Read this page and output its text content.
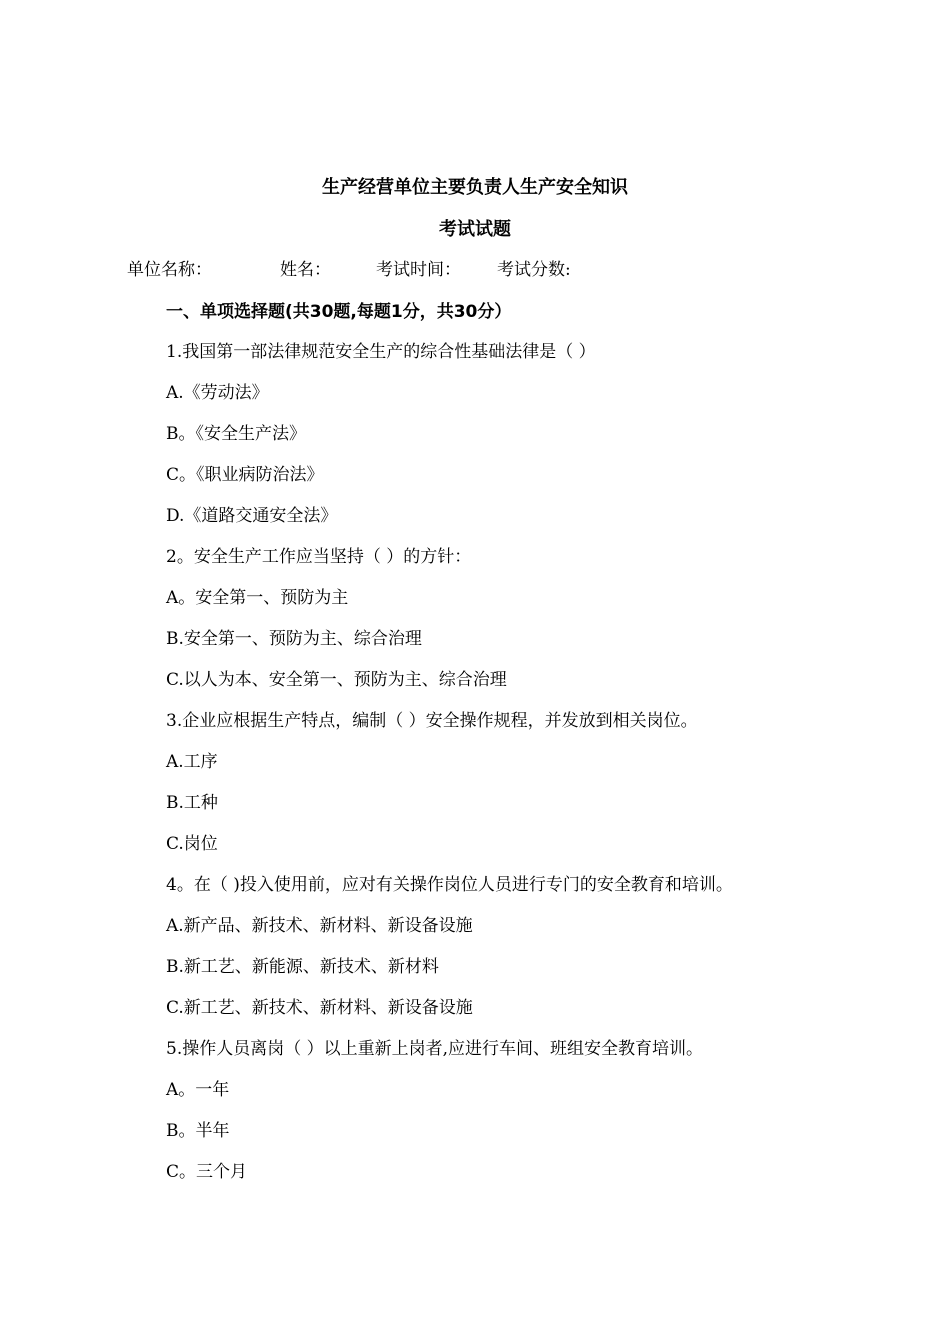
生产经营单位主要负责人生产安全知识
考试试题
单位名称：	姓名：	考试时间： 考试分数:
一、单项选择题(共30题,每题1分，共30分）
1.我国第一部法律规范安全生产的综合性基础法律是（ ）
A.《劳动法》
B。《安全生产法》
C。《职业病防治法》
D.《道路交通安全法》
2。安全生产工作应当坚持（ ）的方针：
A。安全第一、预防为主
B.安全第一、预防为主、综合治理
C.以人为本、安全第一、预防为主、综合治理
3.企业应根据生产特点，编制（ ）安全操作规程，并发放到相关岗位。
A.工序
B.工种
C.岗位
4。在（ )投入使用前，应对有关操作岗位人员进行专门的安全教育和培训。
A.新产品、新技术、新材料、新设备设施
B.新工艺、新能源、新技术、新材料
C.新工艺、新技术、新材料、新设备设施
5.操作人员离岗（ ）以上重新上岗者,应进行车间、班组安全教育培训。
A。一年
B。半年
C。三个月
